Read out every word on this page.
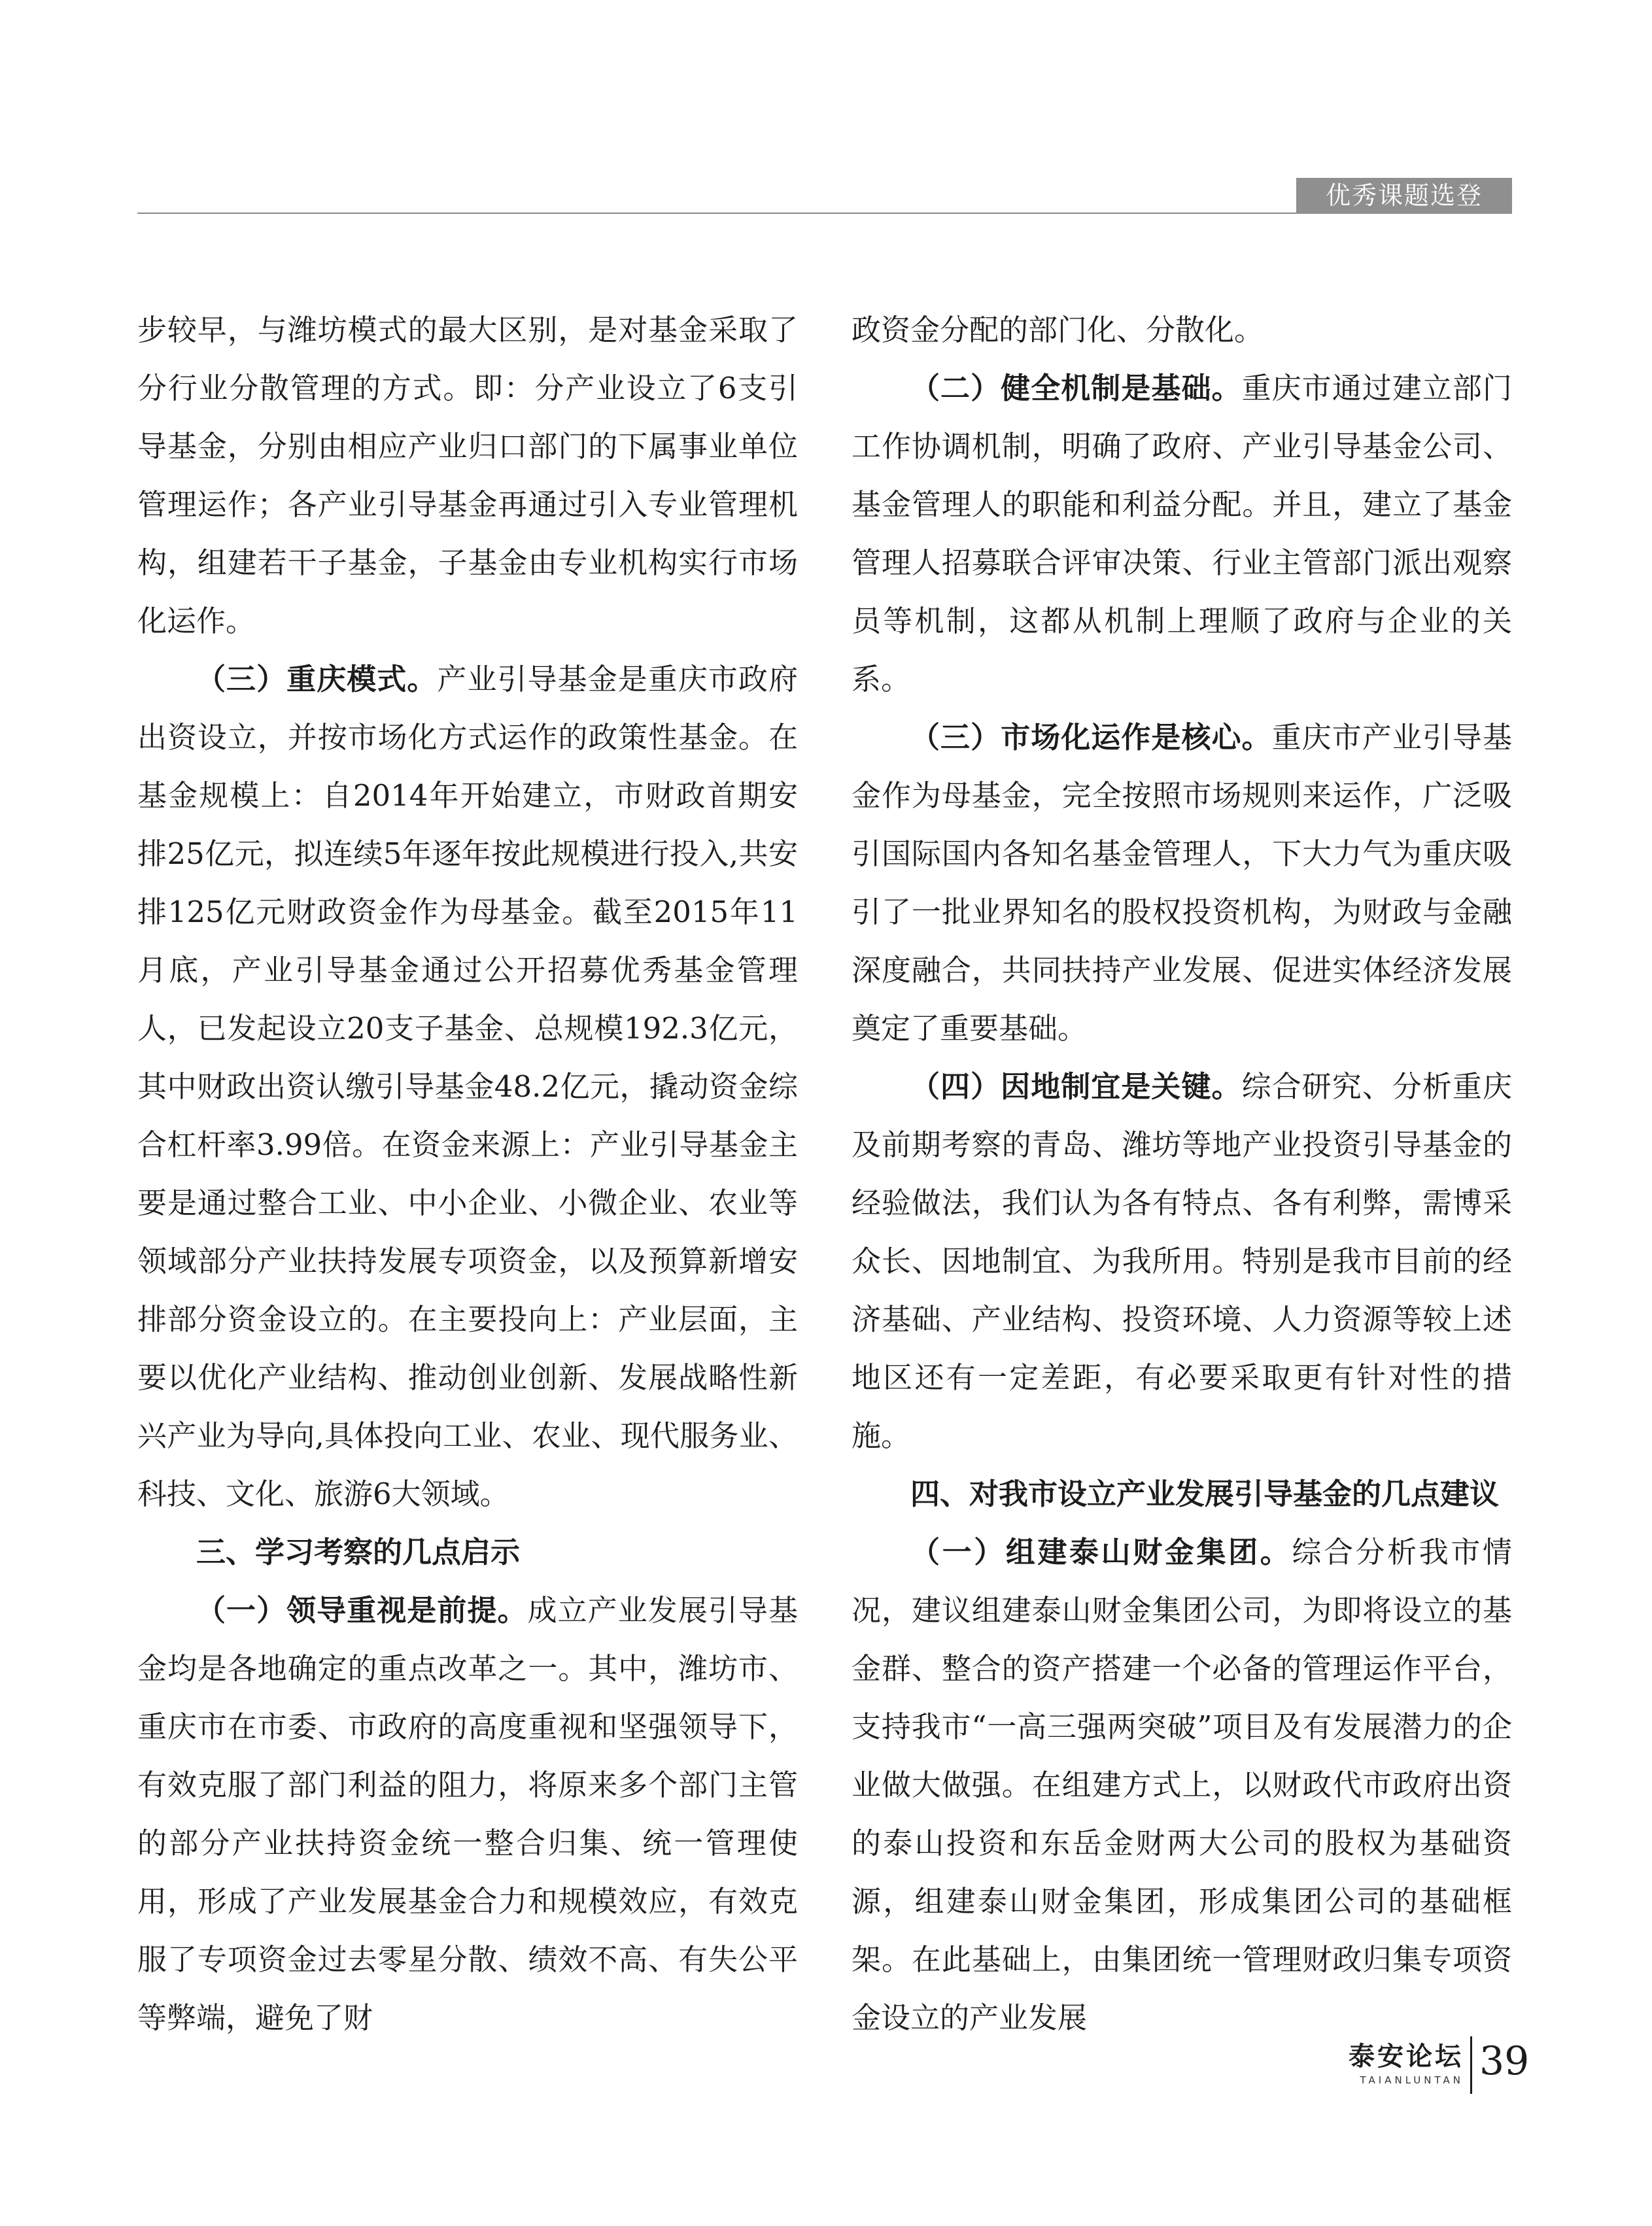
优秀课题选登

步较早，与潍坊模式的最大区别，是对基金采取了分行业分散管理的方式。即：分产业设立了6支引导基金，分别由相应产业归口部门的下属事业单位管理运作；各产业引导基金再通过引入专业管理机构，组建若干子基金，子基金由专业机构实行市场化运作。

（三）重庆模式。产业引导基金是重庆市政府出资设立，并按市场化方式运作的政策性基金。在基金规模上：自2014年开始建立，市财政首期安排25亿元，拟连续5年逐年按此规模进行投入,共安排125亿元财政资金作为母基金。截至2015年11月底，产业引导基金通过公开招募优秀基金管理人，已发起设立20支子基金、总规模192.3亿元，其中财政出资认缴引导基金48.2亿元，撬动资金综合杠杆率3.99倍。在资金来源上：产业引导基金主要是通过整合工业、中小企业、小微企业、农业等领域部分产业扶持发展专项资金，以及预算新增安排部分资金设立的。在主要投向上：产业层面，主要以优化产业结构、推动创业创新、发展战略性新兴产业为导向,具体投向工业、农业、现代服务业、科技、文化、旅游6大领域。

三、学习考察的几点启示

（一）领导重视是前提。成立产业发展引导基金均是各地确定的重点改革之一。其中，潍坊市、重庆市在市委、市政府的高度重视和坚强领导下，有效克服了部门利益的阻力，将原来多个部门主管的部分产业扶持资金统一整合归集、统一管理使用，形成了产业发展基金合力和规模效应，有效克服了专项资金过去零星分散、绩效不高、有失公平等弊端，避免了财

政资金分配的部门化、分散化。

（二）健全机制是基础。重庆市通过建立部门工作协调机制，明确了政府、产业引导基金公司、基金管理人的职能和利益分配。并且，建立了基金管理人招募联合评审决策、行业主管部门派出观察员等机制，这都从机制上理顺了政府与企业的关系。

（三）市场化运作是核心。重庆市产业引导基金作为母基金，完全按照市场规则来运作，广泛吸引国际国内各知名基金管理人，下大力气为重庆吸引了一批业界知名的股权投资机构，为财政与金融深度融合，共同扶持产业发展、促进实体经济发展奠定了重要基础。

（四）因地制宜是关键。综合研究、分析重庆及前期考察的青岛、潍坊等地产业投资引导基金的经验做法，我们认为各有特点、各有利弊，需博采众长、因地制宜、为我所用。特别是我市目前的经济基础、产业结构、投资环境、人力资源等较上述地区还有一定差距，有必要采取更有针对性的措施。

四、对我市设立产业发展引导基金的几点建议

（一）组建泰山财金集团。综合分析我市情况，建议组建泰山财金集团公司，为即将设立的基金群、整合的资产搭建一个必备的管理运作平台，支持我市“一高三强两突破”项目及有发展潜力的企业做大做强。在组建方式上，以财政代市政府出资的泰山投资和东岳金财两大公司的股权为基础资源，组建泰山财金集团，形成集团公司的基础框架。在此基础上，由集团统一管理财政归集专项资金设立的产业发展

泰安论坛
TAIANLUNTAN 39
